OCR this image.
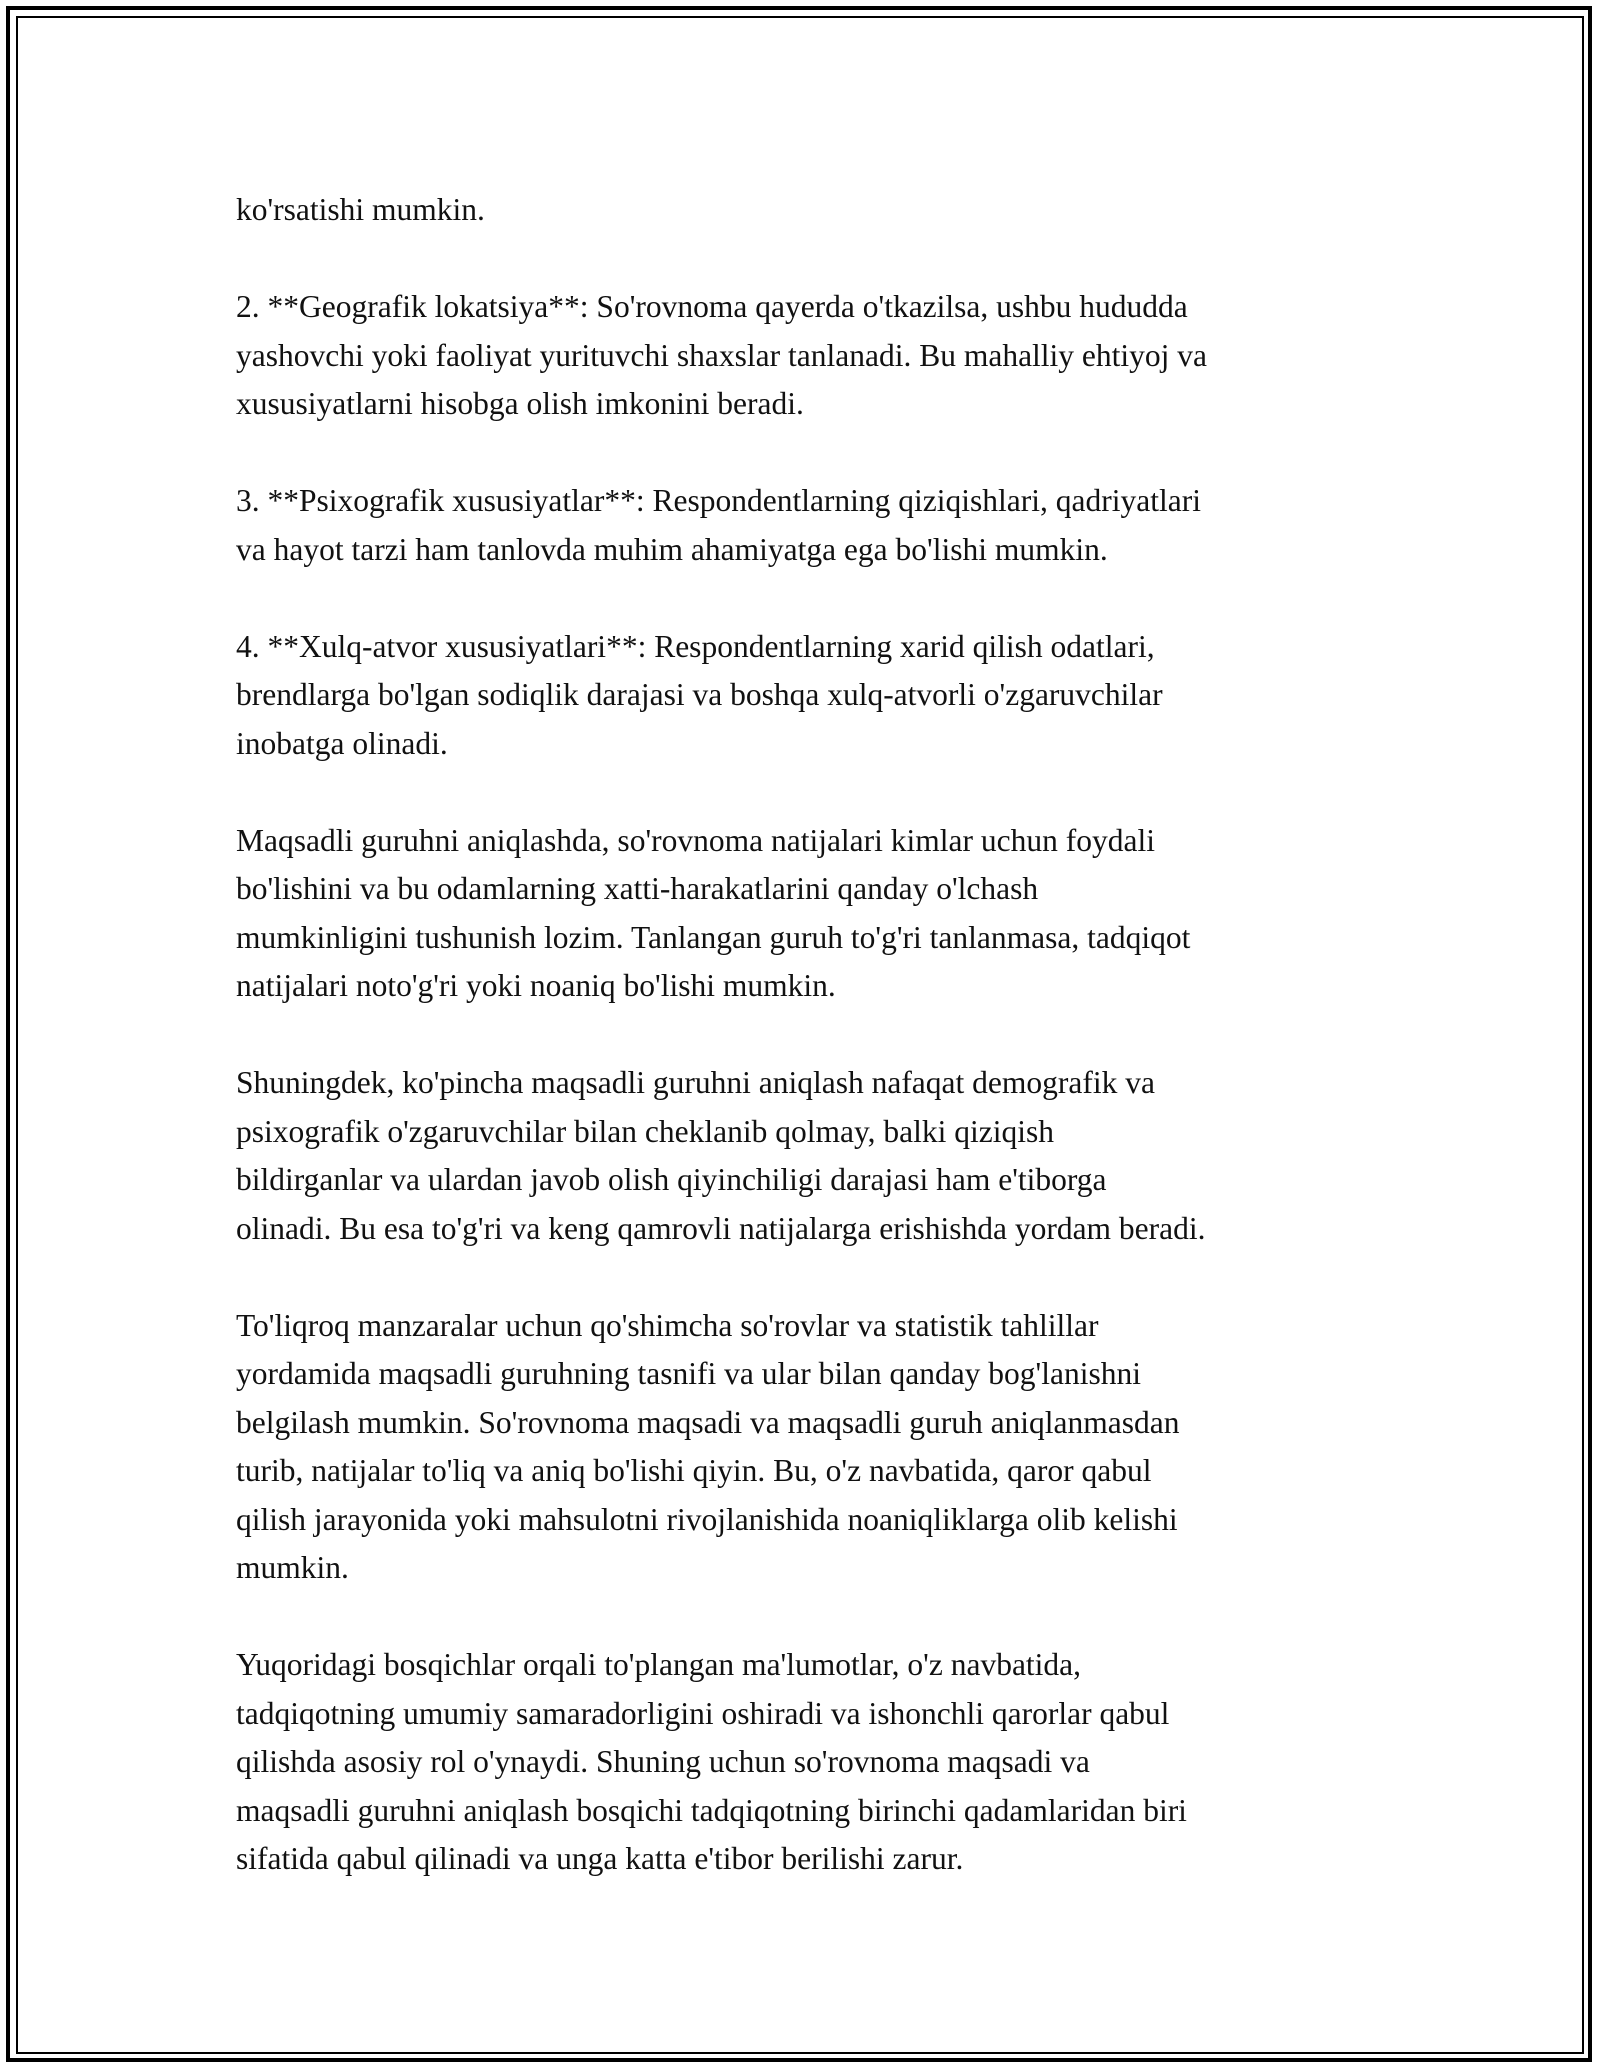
ko'rsatishi mumkin.

2. **Geografik lokatsiya**: So'rovnoma qayerda o'tkazilsa, ushbu hududda
yashovchi yoki faoliyat yurituvchi shaxslar tanlanadi. Bu mahalliy ehtiyoj va
xususiyatlarni hisobga olish imkonini beradi.

3. **Psixografik xususiyatlar**: Respondentlarning qiziqishlari, qadriyatlari
va hayot tarzi ham tanlovda muhim ahamiyatga ega bo'lishi mumkin.

4. **Xulq-atvor xususiyatlari**: Respondentlarning xarid qilish odatlari,
brendlarga bo'lgan sodiqlik darajasi va boshqa xulq-atvorli o'zgaruvchilar
inobatga olinadi.

Maqsadli guruhni aniqlashda, so'rovnoma natijalari kimlar uchun foydali
bo'lishini va bu odamlarning xatti-harakatlarini qanday o'lchash
mumkinligini tushunish lozim. Tanlangan guruh to'g'ri tanlanmasa, tadqiqot
natijalari noto'g'ri yoki noaniq bo'lishi mumkin.

Shuningdek, ko'pincha maqsadli guruhni aniqlash nafaqat demografik va
psixografik o'zgaruvchilar bilan cheklanib qolmay, balki qiziqish
bildirganlar va ulardan javob olish qiyinchiligi darajasi ham e'tiborga
olinadi. Bu esa to'g'ri va keng qamrovli natijalarga erishishda yordam beradi.

To'liqroq manzaralar uchun qo'shimcha so'rovlar va statistik tahlillar
yordamida maqsadli guruhning tasnifi va ular bilan qanday bog'lanishni
belgilash mumkin. So'rovnoma maqsadi va maqsadli guruh aniqlanmasdan
turib, natijalar to'liq va aniq bo'lishi qiyin. Bu, o'z navbatida, qaror qabul
qilish jarayonida yoki mahsulotni rivojlanishida noaniqliklarga olib kelishi
mumkin.

Yuqoridagi bosqichlar orqali to'plangan ma'lumotlar, o'z navbatida,
tadqiqotning umumiy samaradorligini oshiradi va ishonchli qarorlar qabul
qilishda asosiy rol o'ynaydi. Shuning uchun so'rovnoma maqsadi va
maqsadli guruhni aniqlash bosqichi tadqiqotning birinchi qadamlaridan biri
sifatida qabul qilinadi va unga katta e'tibor berilishi zarur.
